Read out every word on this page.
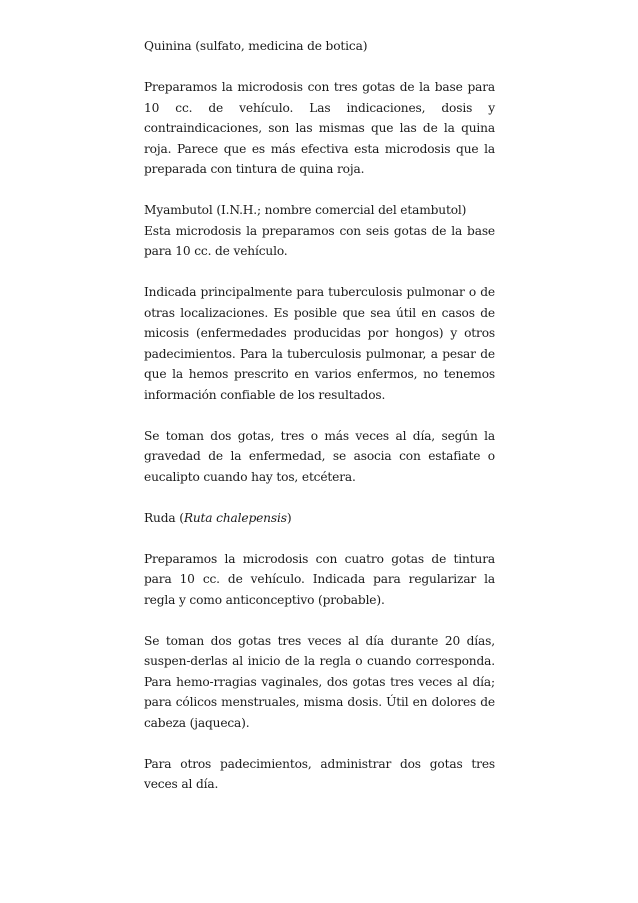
Quinina (sulfato, medicina de botica)

Preparamos la microdosis con tres gotas de la base para 10 cc. de vehículo. Las indicaciones, dosis y contraindicaciones, son las mismas que las de la quina roja. Parece que es más efectiva esta microdosis que la preparada con tintura de quina roja.

Myambutol (I.N.H.; nombre comercial del etambutol)

Esta microdosis la preparamos con seis gotas de la base para 10 cc. de vehículo.

Indicada principalmente para tuberculosis pulmonar o de otras localizaciones. Es posible que sea útil en casos de micosis (enfermedades producidas por hongos) y otros padecimientos. Para la tuberculosis pulmonar, a pesar de que la hemos prescrito en varios enfermos, no tenemos información confiable de los resultados.

Se toman dos gotas, tres o más veces al día, según la gravedad de la enfermedad, se asocia con estafiate o eucalipto cuando hay tos, etcétera.

Ruda (Ruta chalepensis)

Preparamos la microdosis con cuatro gotas de tintura para 10 cc. de vehículo. Indicada para regularizar la regla y como anticonceptivo (probable).

Se toman dos gotas tres veces al día durante 20 días, suspen-derlas al inicio de la regla o cuando corresponda. Para hemo-rragias vaginales, dos gotas tres veces al día; para cólicos menstruales, misma dosis. Útil en dolores de cabeza (jaqueca).

Para otros padecimientos, administrar dos gotas tres veces al día.
